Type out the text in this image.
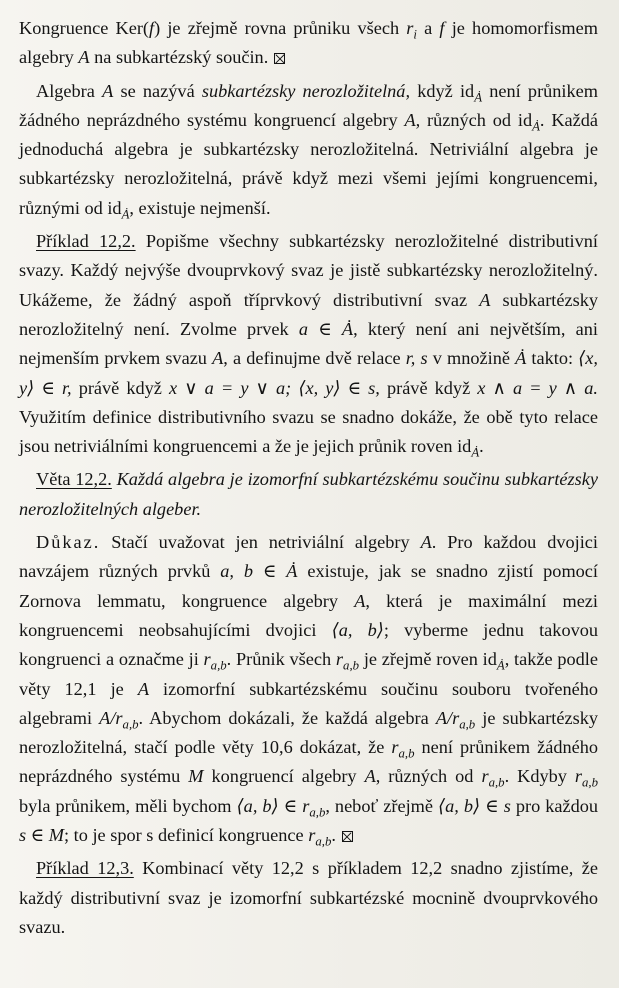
Kongruence Ker(f) je zřejmě rovna průniku všech $r_i$ a f je homomorfismem algebry A na subkartézský součin.

Algebra A se nazývá subkartézsky nerozložitelná, když $id_Ȧ$ není průnikem žádného neprázdného systému kongruencí algebry A, různých od $id_Ȧ$. Každá jednoduchá algebra je subkartézsky nerozložitelná. Netriviální algebra je subkartézsky nerozložitelná, právě když mezi všemi jejími kongruencemi, různými od $id_Ȧ$, existuje nejmenší.

Příklad 12,2. Popišme všechny subkartézsky nerozložitelné distributivní svazy. Každý nejvýše dvouprvkový svaz je jistě subkartézsky nerozložitelný. Ukážeme, že žádný aspoň tříprvkový distributivní svaz A subkartézsky nerozložitelný není. Zvolme prvek a ∈ Ȧ, který není ani největším, ani nejmenším prvkem svazu A, a definujme dvě relace r, s v množině Ȧ takto: ⟨x, y⟩ ∈ r, právě když x ∨ a = y ∨ a; ⟨x, y⟩ ∈ s, právě když x ∧ a = y ∧ a. Využitím definice distributivního svazu se snadno dokáže, že obě tyto relace jsou netriviálními kongruencemi a že je jejich průnik roven $id_Ȧ$.

Věta 12,2. Každá algebra je izomorfní subkartézskému součinu subkartézsky nerozložitelných algeber.

Důkaz. Stačí uvažovat jen netriviální algebry A. Pro každou dvojici navzájem různých prvků a, b ∈ Ȧ existuje, jak se snadno zjistí pomocí Zornova lemmatu, kongruence algebry A, která je maximální mezi kongruencemi neobsahujícími dvojici ⟨a, b⟩; vyberme jednu takovou kongruenci a označme ji $r_{a,b}$. Průnik všech $r_{a,b}$ je zřejmě roven $id_Ȧ$, takže podle věty 12,1 je A izomorfní subkartézskému součinu souboru tvořeného algebrami $A/r_{a,b}$. Abychom dokázali, že každá algebra $A/r_{a,b}$ je subkartézsky nerozložitelná, stačí podle věty 10,6 dokázat, že $r_{a,b}$ není průnikem žádného neprázdného systému M kongruencí algebry A, různých od $r_{a,b}$. Kdyby $r_{a,b}$ byla průnikem, měli bychom ⟨a, b⟩ ∈ $r_{a,b}$, neboť zřejmě ⟨a, b⟩ ∈ s pro každou s ∈ M; to je spor s definicí kongruence $r_{a,b}$.

Příklad 12,3. Kombinací věty 12,2 s příkladem 12,2 snadno zjistíme, že každý distributivní svaz je izomorfní subkartézské mocnině dvouprvkového svazu.
